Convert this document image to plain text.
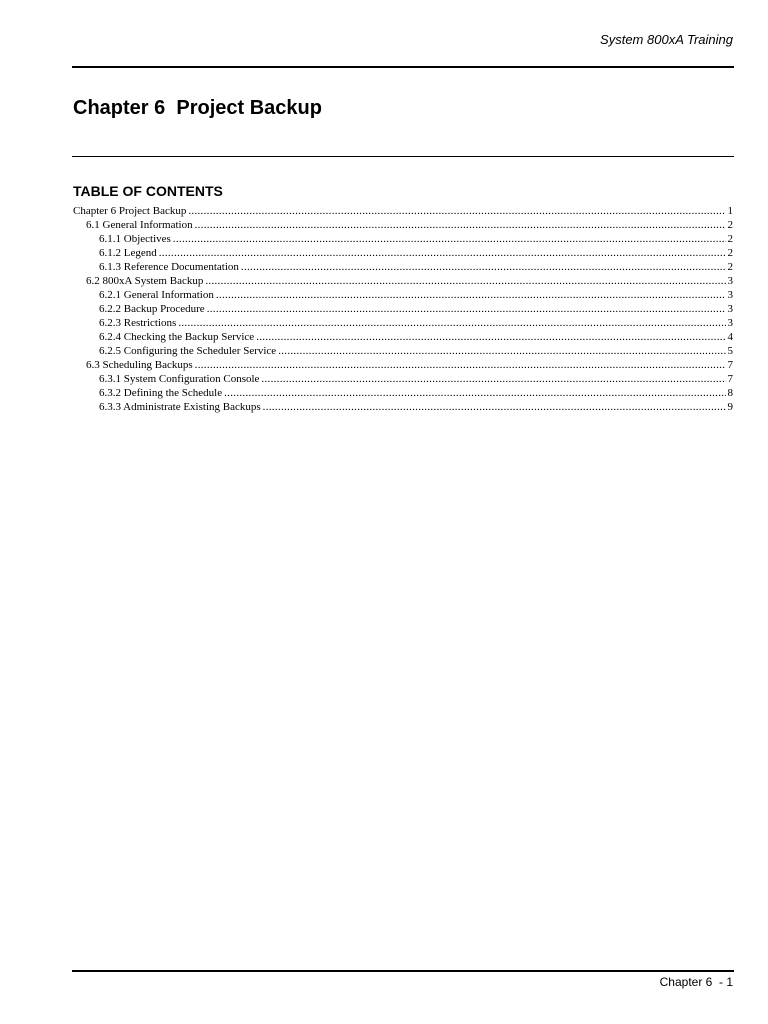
System 800xA Training
Chapter 6  Project Backup
TABLE OF CONTENTS
Chapter 6 Project Backup .....	1
6.1 General Information .....	2
6.1.1 Objectives .....	2
6.1.2 Legend .....	2
6.1.3 Reference Documentation .....	2
6.2 800xA System Backup .....	3
6.2.1 General Information .....	3
6.2.2 Backup Procedure .....	3
6.2.3 Restrictions .....	3
6.2.4 Checking the Backup Service .....	4
6.2.5 Configuring the Scheduler Service .....	5
6.3 Scheduling Backups .....	7
6.3.1 System Configuration Console .....	7
6.3.2 Defining the Schedule .....	8
6.3.3 Administrate Existing Backups .....	9
Chapter 6  - 1
